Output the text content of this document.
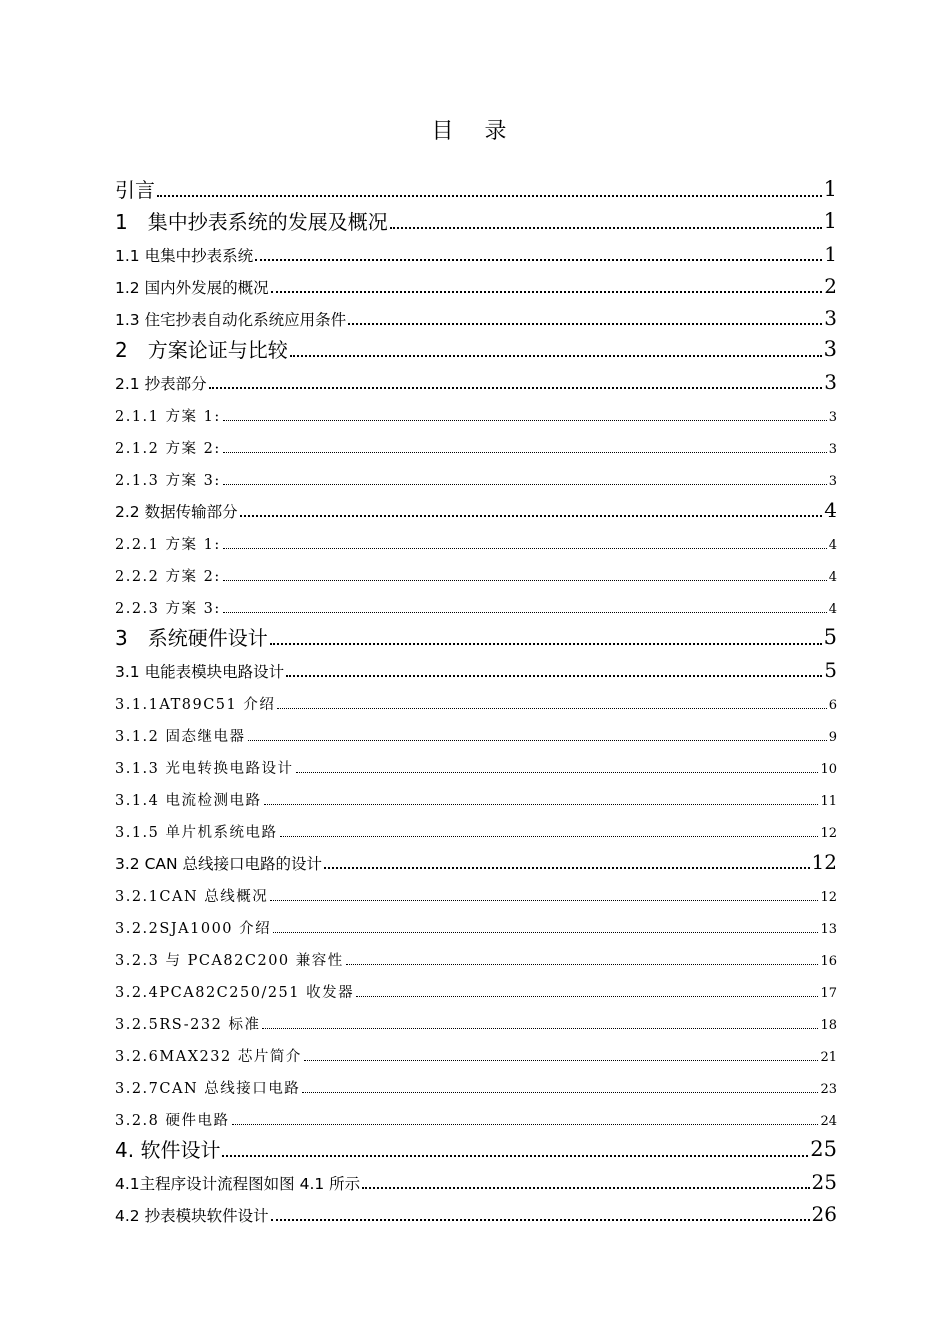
目 录
引言	1
1　集中抄表系统的发展及概况	1
1.1 电集中抄表系统	1
1.2 国内外发展的概况	2
1.3 住宅抄表自动化系统应用条件	3
2　方案论证与比较	3
2.1 抄表部分	3
2.1.1 方案 1:	3
2.1.2 方案 2:	3
2.1.3 方案 3:	3
2.2 数据传输部分	4
2.2.1 方案 1:	4
2.2.2 方案 2:	4
2.2.3 方案 3:	4
3　系统硬件设计	5
3.1 电能表模块电路设计	5
3.1.1AT89C51 介绍	6
3.1.2 固态继电器	9
3.1.3 光电转换电路设计	10
3.1.4 电流检测电路	11
3.1.5 单片机系统电路	12
3.2 CAN 总线接口电路的设计	12
3.2.1CAN 总线概况	12
3.2.2SJA1000 介绍	13
3.2.3 与 PCA82C200 兼容性	16
3.2.4PCA82C250/251 收发器	17
3.2.5RS-232 标准	18
3.2.6MAX232 芯片简介	21
3.2.7CAN 总线接口电路	23
3.2.8 硬件电路	24
4. 软件设计	25
4.1主程序设计流程图如图 4.1 所示	25
4.2 抄表模块软件设计	26
